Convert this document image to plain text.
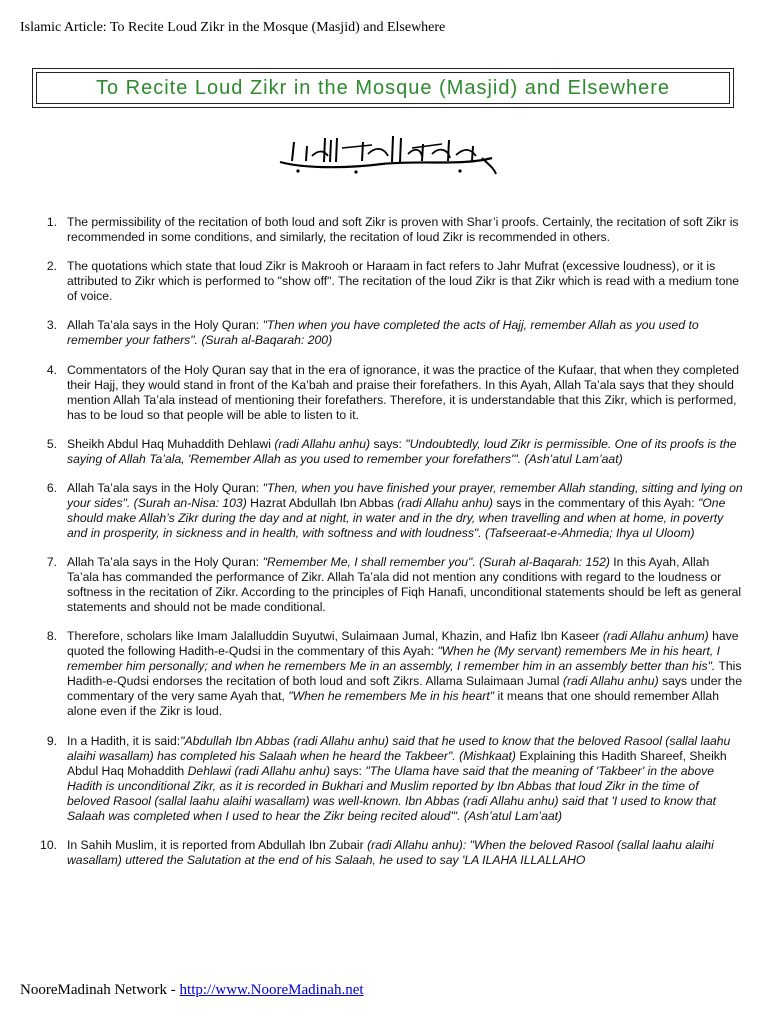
Islamic Article: To Recite Loud Zikr in the Mosque (Masjid) and Elsewhere
To Recite Loud Zikr in the Mosque (Masjid) and Elsewhere
1. The permissibility of the recitation of both loud and soft Zikr is proven with Shar’i proofs. Certainly, the recitation of soft Zikr is recommended in some conditions, and similarly, the recitation of loud Zikr is recommended in others.
2. The quotations which state that loud Zikr is Makrooh or Haraam in fact refers to Jahr Mufrat (excessive loudness), or it is attributed to Zikr which is performed to "show off". The recitation of the loud Zikr is that Zikr which is read with a medium tone of voice.
3. Allah Ta’ala says in the Holy Quran: "Then when you have completed the acts of Hajj, remember Allah as you used to remember your fathers". (Surah al-Baqarah: 200)
4. Commentators of the Holy Quran say that in the era of ignorance, it was the practice of the Kufaar, that when they completed their Hajj, they would stand in front of the Ka’bah and praise their forefathers. In this Ayah, Allah Ta’ala says that they should mention Allah Ta’ala instead of mentioning their forefathers. Therefore, it is understandable that this Zikr, which is performed, has to be loud so that people will be able to listen to it.
5. Sheikh Abdul Haq Muhaddith Dehlawi (radi Allahu anhu) says: "Undoubtedly, loud Zikr is permissible. One of its proofs is the saying of Allah Ta’ala, 'Remember Allah as you used to remember your forefathers'". (Ash’atul Lam’aat)
6. Allah Ta’ala says in the Holy Quran: "Then, when you have finished your prayer, remember Allah standing, sitting and lying on your sides". (Surah an-Nisa: 103) Hazrat Abdullah Ibn Abbas (radi Allahu anhu) says in the commentary of this Ayah: "One should make Allah’s Zikr during the day and at night, in water and in the dry, when travelling and when at home, in poverty and in prosperity, in sickness and in health, with softness and with loudness". (Tafseeraat-e-Ahmedia; Ihya ul Uloom)
7. Allah Ta’ala says in the Holy Quran: "Remember Me, I shall remember you". (Surah al-Baqarah: 152) In this Ayah, Allah Ta’ala has commanded the performance of Zikr. Allah Ta’ala did not mention any conditions with regard to the loudness or softness in the recitation of Zikr. According to the principles of Fiqh Hanafi, unconditional statements should be left as general statements and should not be made conditional.
8. Therefore, scholars like Imam Jalalluddin Suyutwi, Sulaimaan Jumal, Khazin, and Hafiz Ibn Kaseer (radi Allahu anhum) have quoted the following Hadith-e-Qudsi in the commentary of this Ayah: "When he (My servant) remembers Me in his heart, I remember him personally; and when he remembers Me in an assembly, I remember him in an assembly better than his". This Hadith-e-Qudsi endorses the recitation of both loud and soft Zikrs. Allama Sulaimaan Jumal (radi Allahu anhu) says under the commentary of the very same Ayah that, "When he remembers Me in his heart" it means that one should remember Allah alone even if the Zikr is loud.
9. In a Hadith, it is said:"Abdullah Ibn Abbas (radi Allahu anhu) said that he used to know that the beloved Rasool (sallal laahu alaihi wasallam) has completed his Salaah when he heard the Takbeer". (Mishkaat) Explaining this Hadith Shareef, Sheikh Abdul Haq Mohaddith Dehlawi (radi Allahu anhu) says: "The Ulama have said that the meaning of 'Takbeer' in the above Hadith is unconditional Zikr, as it is recorded in Bukhari and Muslim reported by Ibn Abbas that loud Zikr in the time of beloved Rasool (sallal laahu alaihi wasallam) was well-known. Ibn Abbas (radi Allahu anhu) said that 'I used to know that Salaah was completed when I used to hear the Zikr being recited aloud'". (Ash’atul Lam’aat)
10. In Sahih Muslim, it is reported from Abdullah Ibn Zubair (radi Allahu anhu): "When the beloved Rasool (sallal laahu alaihi wasallam) uttered the Salutation at the end of his Salaah, he used to say 'LA ILAHA ILLALLAHO
NooreMadinah Network - http://www.NooreMadinah.net
